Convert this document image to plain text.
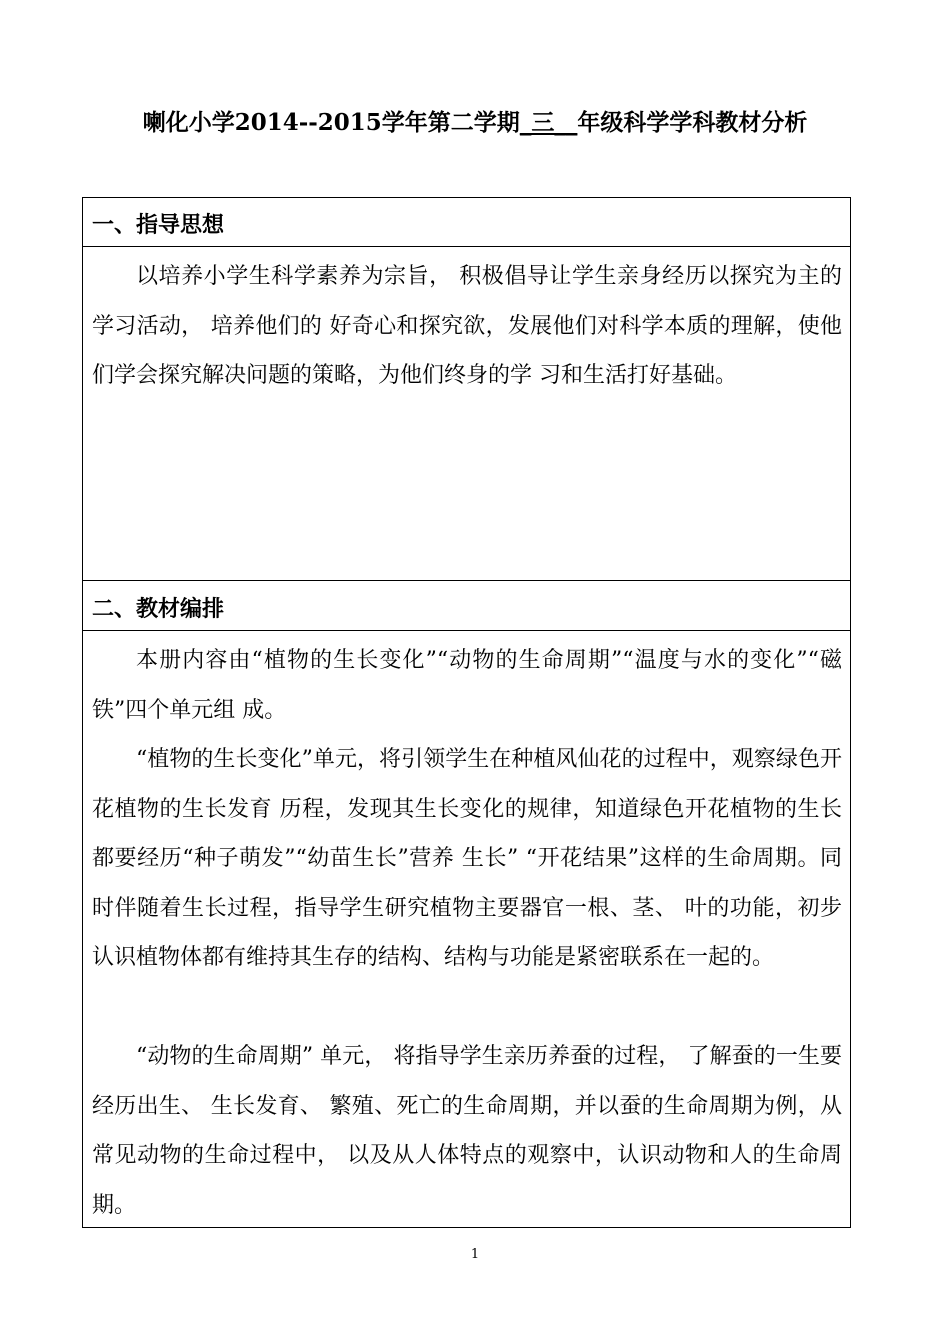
喇化小学2014--2015学年第二学期_三__年级科学学科教材分析
一、指导思想

以培养小学生科学素养为宗旨， 积极倡导让学生亲身经历以探究为主的学习活动， 培养他们的 好奇心和探究欲，发展他们对科学本质的理解，使他们学会探究解决问题的策略，为他们终身的学 习和生活打好基础。

二、教材编排

本册内容由“植物的生长变化”“动物的生命周期”“温度与水的变化”“磁铁”四个单元组 成。

“植物的生长变化”单元，将引领学生在种植风仙花的过程中，观察绿色开花植物的生长发育 历程，发现其生长变化的规律，知道绿色开花植物的生长都要经历“种子萌发”“幼苗生长”营养 生长” “开花结果”这样的生命周期。同时伴随着生长过程，指导学生研究植物主要器官一根、茎、 叶的功能，初步认识植物体都有维持其生存的结构、结构与功能是紧密联系在一起的。

“动物的生命周期” 单元， 将指导学生亲历养蚕的过程， 了解蚕的一生要经历出生、 生长发育、 繁殖、死亡的生命周期，并以蚕的生命周期为例，从常见动物的生命过程中， 以及从人体特点的观察中，认识动物和人的生命周期。

1
